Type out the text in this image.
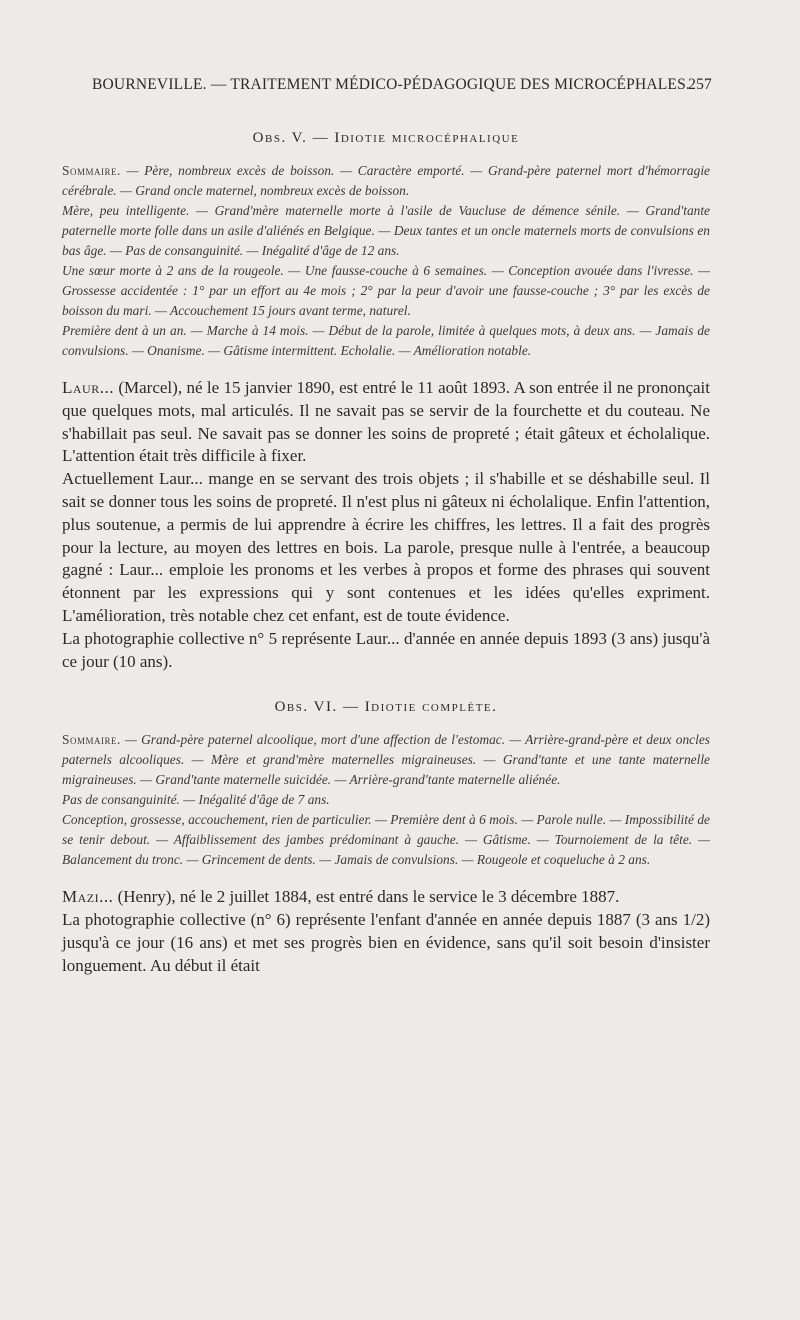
BOURNEVILLE. — TRAITEMENT MÉDICO-PÉDAGOGIQUE DES MICROCÉPHALES.
257
Obs. V. — Idiotie microcéphalique

Sommaire. — Père, nombreux excès de boisson. — Caractère emporté. — Grand-père paternel mort d'hémorragie cérébrale. — Grand oncle maternel, nombreux excès de boisson.

Mère, peu intelligente. — Grand'mère maternelle morte à l'asile de Vaucluse de démence sénile. — Grand'tante paternelle morte folle dans un asile d'aliénés en Belgique. — Deux tantes et un oncle maternels morts de convulsions en bas âge. — Pas de consanguinité. — Inégalité d'âge de 12 ans.

Une sœur morte à 2 ans de la rougeole. — Une fausse-couche à 6 semaines. — Conception avouée dans l'ivresse. — Grossesse accidentée : 1° par un effort au 4e mois ; 2° par la peur d'avoir une fausse-couche ; 3° par les excès de boisson du mari. — Accouchement 15 jours avant terme, naturel.

Première dent à un an. — Marche à 14 mois. — Début de la parole, limitée à quelques mots, à deux ans. — Jamais de convulsions. — Onanisme. — Gâtisme intermittent. Echolalie. — Amélioration notable.

Laur... (Marcel), né le 15 janvier 1890, est entré le 11 août 1893. A son entrée il ne prononçait que quelques mots, mal articulés. Il ne savait pas se servir de la fourchette et du couteau. Ne s'habillait pas seul. Ne savait pas se donner les soins de propreté ; était gâteux et écholalique. L'attention était très difficile à fixer.

Actuellement Laur... mange en se servant des trois objets ; il s'habille et se déshabille seul. Il sait se donner tous les soins de propreté. Il n'est plus ni gâteux ni écholalique. Enfin l'attention, plus soutenue, a permis de lui apprendre à écrire les chiffres, les lettres. Il a fait des progrès pour la lecture, au moyen des lettres en bois. La parole, presque nulle à l'entrée, a beaucoup gagné : Laur... emploie les pronoms et les verbes à propos et forme des phrases qui souvent étonnent par les expressions qui y sont contenues et les idées qu'elles expriment. L'amélioration, très notable chez cet enfant, est de toute évidence.

La photographie collective n° 5 représente Laur... d'année en année depuis 1893 (3 ans) jusqu'à ce jour (10 ans).

Obs. VI. — Idiotie complète.

Sommaire. — Grand-père paternel alcoolique, mort d'une affection de l'estomac. — Arrière-grand-père et deux oncles paternels alcooliques. — Mère et grand'mère maternelles migraineuses. — Grand'tante et une tante maternelle migraineuses. — Grand'tante maternelle suicidée. — Arrière-grand'tante maternelle aliénée.

Pas de consanguinité. — Inégalité d'âge de 7 ans.

Conception, grossesse, accouchement, rien de particulier. — Première dent à 6 mois. — Parole nulle. — Impossibilité de se tenir debout. — Affaiblissement des jambes prédominant à gauche. — Gâtisme. — Tournoiement de la tête. — Balancement du tronc. — Grincement de dents. — Jamais de convulsions. — Rougeole et coqueluche à 2 ans.

Mazi... (Henry), né le 2 juillet 1884, est entré dans le service le 3 décembre 1887.

La photographie collective (n° 6) représente l'enfant d'année en année depuis 1887 (3 ans 1/2) jusqu'à ce jour (16 ans) et met ses progrès bien en évidence, sans qu'il soit besoin d'insister longuement. Au début il était
